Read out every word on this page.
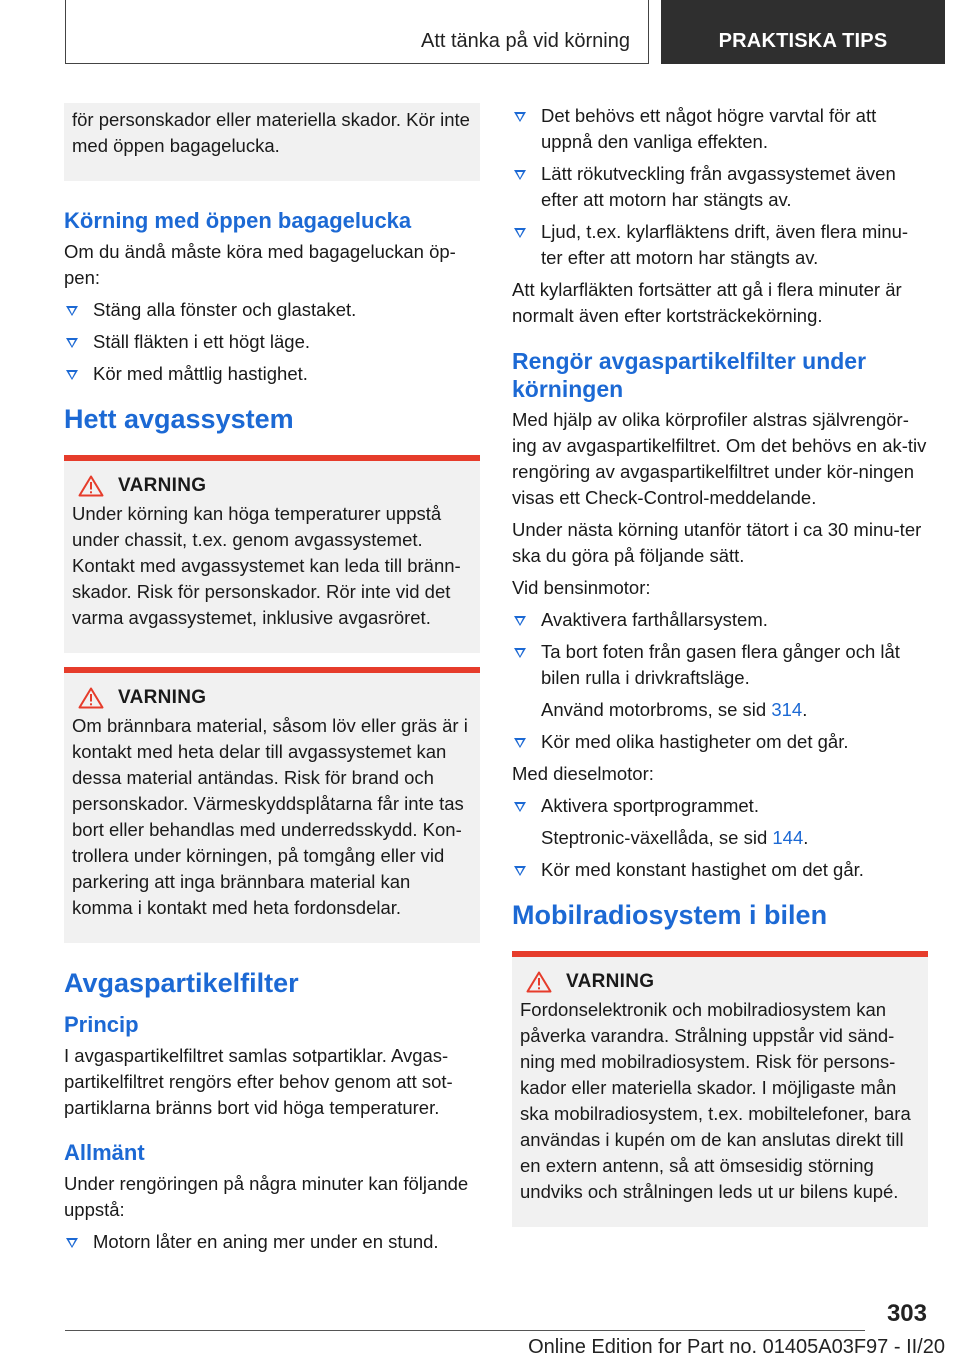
Att tänka på vid körning	PRAKTISKA TIPS
för personskador eller materiella skador. Kör inte med öppen bagagelucka.
Körning med öppen bagagelucka

Om du ändå måste köra med bagageluckan öp‐pen:

Stäng alla fönster och glastaket.
Ställ fläkten i ett högt läge.
Kör med måttlig hastighet.
Hett avgassystem
VARNING
Under körning kan höga temperaturer uppstå under chassit, t.ex. genom avgassystemet. Kontakt med avgassystemet kan leda till bränn‐skador. Risk för personskador. Rör inte vid det varma avgassystemet, inklusive avgasröret.
VARNING
Om brännbara material, såsom löv eller gräs är i kontakt med heta delar till avgassystemet kan dessa material antändas. Risk för brand och personskador. Värmeskyddsplåtarna får inte tas bort eller behandlas med underredsskydd. Kon‐trollera under körningen, på tomgång eller vid parkering att inga brännbara material kan komma i kontakt med heta fordonsdelar.
Avgaspartikelfilter
Princip

I avgaspartikelfiltret samlas sotpartiklar. Avgas‐partikelfiltret rengörs efter behov genom att sot‐partiklarna bränns bort vid höga temperaturer.

Allmänt

Under rengöringen på några minuter kan följande uppstå:

Motorn låter en aning mer under en stund.
Det behövs ett något högre varvtal för att uppnå den vanliga effekten.
Lätt rökutveckling från avgassystemet även efter att motorn har stängts av.
Ljud, t.ex. kylarfläktens drift, även flera minu‐ter efter att motorn har stängts av.

Att kylarfläkten fortsätter att gå i flera minuter är normalt även efter kortsträckekörning.

Rengör avgaspartikelfilter under körningen

Med hjälp av olika körprofiler alstras självrengör‐ing av avgaspartikelfiltret. Om det behövs en ak‐tiv rengöring av avgaspartikelfiltret under kör‐ningen visas ett Check-Control-meddelande.

Under nästa körning utanför tätort i ca 30 minu‐ter ska du göra på följande sätt.

Vid bensinmotor:

Avaktivera farthållarsystem.
Ta bort foten från gasen flera gånger och låt bilen rulla i drivkraftsläge.
Använd motorbroms, se sid 314.
Kör med olika hastigheter om det går.

Med dieselmotor:

Aktivera sportprogrammet.
Steptronic-växellåda, se sid 144.
Kör med konstant hastighet om det går.
Mobilradiosystem i bilen
VARNING
Fordonselektronik och mobilradiosystem kan påverka varandra. Strålning uppstår vid sänd‐ning med mobilradiosystem. Risk för persons‐kador eller materiella skador. I möjligaste mån ska mobilradiosystem, t.ex. mobiltelefoner, bara användas i kupén om de kan anslutas direkt till en extern antenn, så att ömsesidig störning undviks och strålningen leds ut ur bilens kupé.
303
Online Edition for Part no. 01405A03F97 - II/20
